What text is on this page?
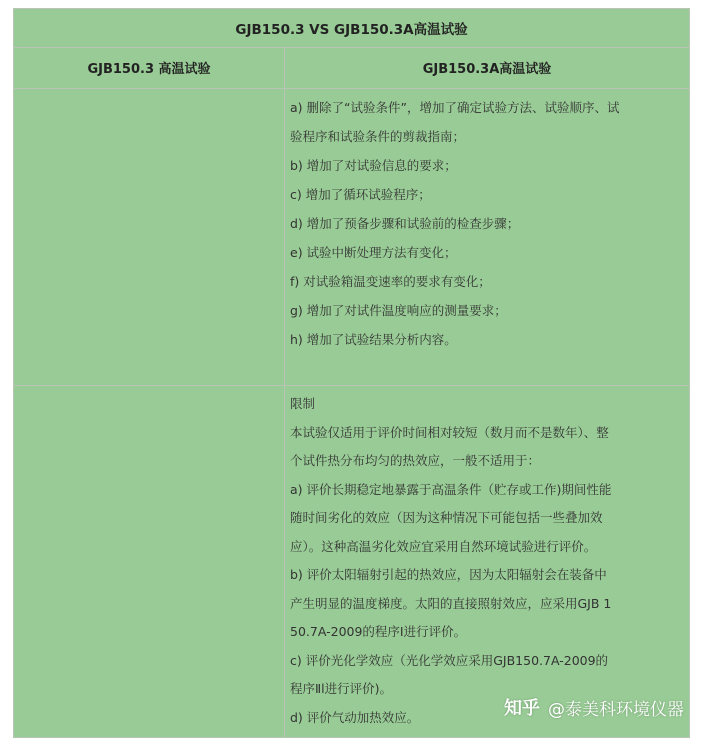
GJB150.3 VS GJB150.3A高温试验
GJB150.3 高温试验	GJB150.3A高温试验
a) 删除了“试验条件”，增加了确定试验方法、试验顺序、试
验程序和试验条件的剪裁指南；
b) 增加了对试验信息的要求；
c) 增加了循环试验程序；
d) 增加了预备步骤和试验前的检查步骤；
e) 试验中断处理方法有变化；
f) 对试验箱温变速率的要求有变化；
g) 增加了对试件温度响应的测量要求；
h) 增加了试验结果分析内容。
限制
本试验仅适用于评价时间相对较短（数月而不是数年）、整
个试件热分布均匀的热效应，一般不适用于：
a) 评价长期稳定地暴露于高温条件（贮存或工作)期间性能
随时间劣化的效应（因为这种情况下可能包括一些叠加效
应）。这种高温劣化效应宜采用自然环境试验进行评价。
b) 评价太阳辐射引起的热效应，因为太阳辐射会在装备中
产生明显的温度梯度。太阳的直接照射效应，应采用GJB 1
50.7A-2009的程序I进行评价。
c) 评价光化学效应（光化学效应采用GJB150.7A-2009的
程序Ⅱl进行评价)。
d) 评价气动加热效应。	知乎 @泰美科环境仪器
